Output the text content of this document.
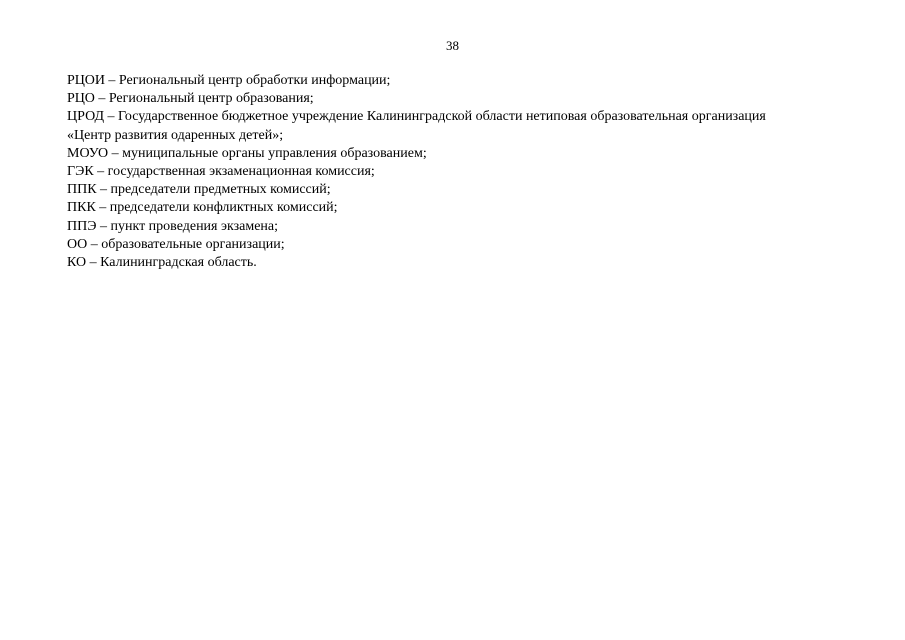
38
РЦОИ – Региональный центр обработки информации;
РЦО – Региональный центр образования;
ЦРОД – Государственное бюджетное учреждение Калининградской области нетиповая образовательная организация
«Центр развития одаренных детей»;
МОУО – муниципальные органы управления образованием;
ГЭК – государственная экзаменационная комиссия;
ППК – председатели предметных комиссий;
ПКК – председатели конфликтных комиссий;
ППЭ – пункт проведения экзамена;
ОО – образовательные организации;
КО – Калининградская область.
